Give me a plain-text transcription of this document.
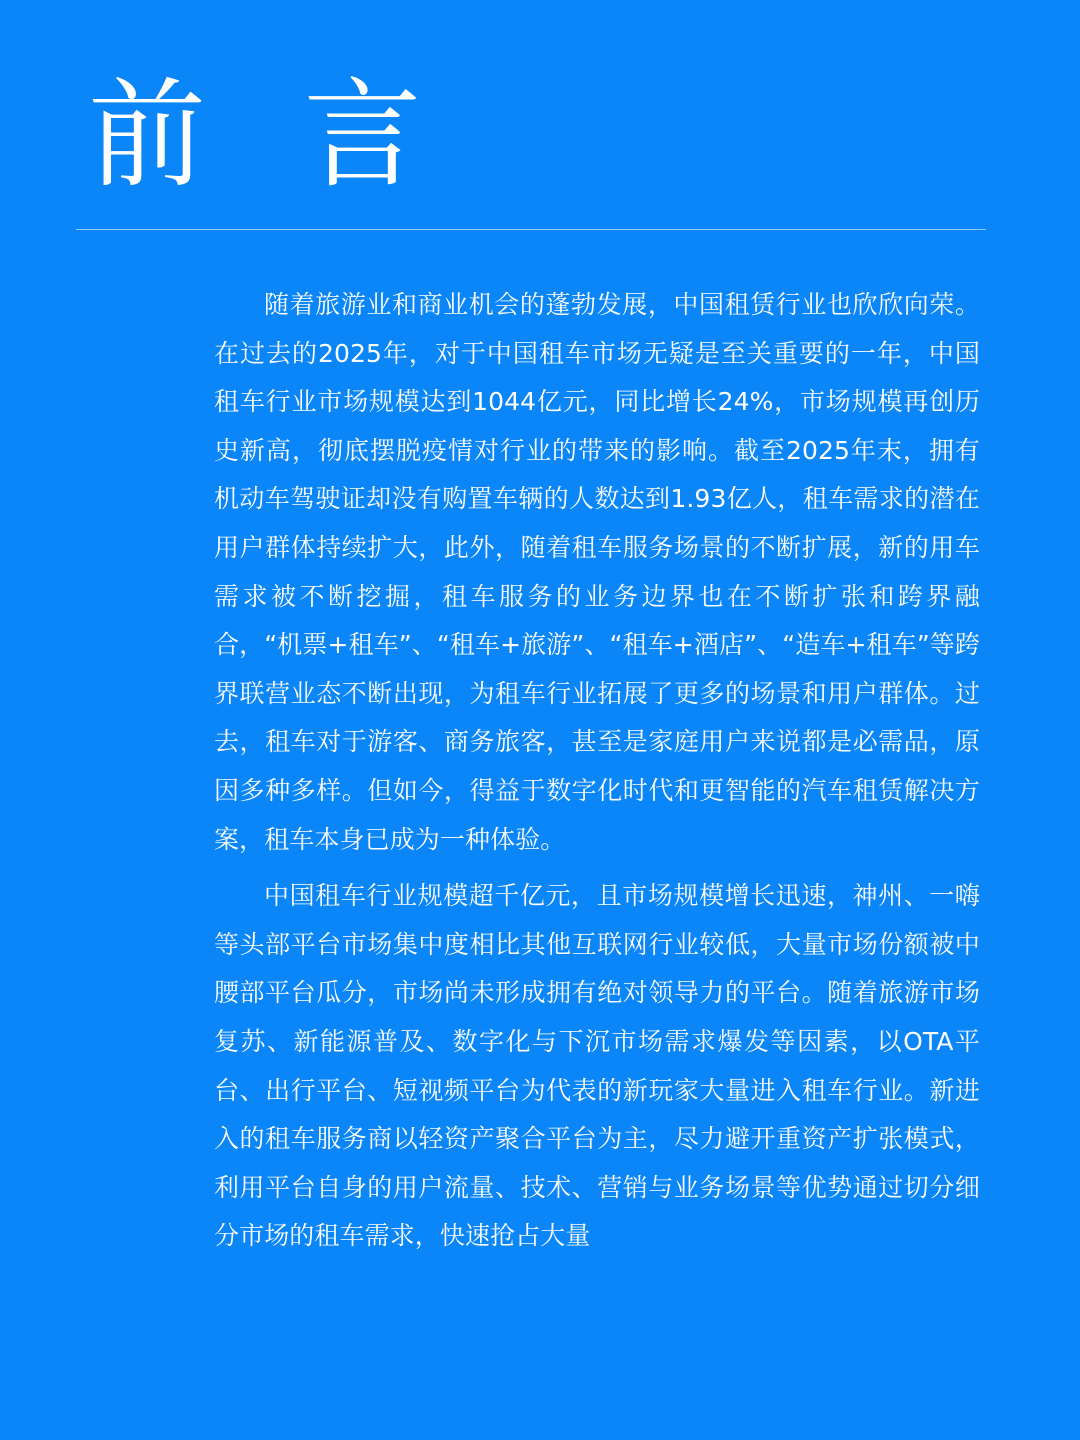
前 言

随着旅游业和商业机会的蓬勃发展，中国租赁行业也欣欣向荣。在过去的2025年，对于中国租车市场无疑是至关重要的一年，中国租车行业市场规模达到1044亿元，同比增长24%，市场规模再创历史新高，彻底摆脱疫情对行业的带来的影响。截至2025年末，拥有机动车驾驶证却没有购置车辆的人数达到1.93亿人，租车需求的潜在用户群体持续扩大，此外，随着租车服务场景的不断扩展，新的用车需求被不断挖掘，租车服务的业务边界也在不断扩张和跨界融合，“机票+租车”、“租车+旅游”、“租车+酒店”、“造车+租车”等跨界联营业态不断出现，为租车行业拓展了更多的场景和用户群体。过去，租车对于游客、商务旅客，甚至是家庭用户来说都是必需品，原因多种多样。但如今，得益于数字化时代和更智能的汽车租赁解决方案，租车本身已成为一种体验。

中国租车行业规模超千亿元，且市场规模增长迅速，神州、一嗨等头部平台市场集中度相比其他互联网行业较低，大量市场份额被中腰部平台瓜分，市场尚未形成拥有绝对领导力的平台。随着旅游市场复苏、新能源普及、数字化与下沉市场需求爆发等因素，以OTA平台、出行平台、短视频平台为代表的新玩家大量进入租车行业。新进入的租车服务商以轻资产聚合平台为主，尽力避开重资产扩张模式，利用平台自身的用户流量、技术、营销与业务场景等优势通过切分细分市场的租车需求，快速抢占大量
